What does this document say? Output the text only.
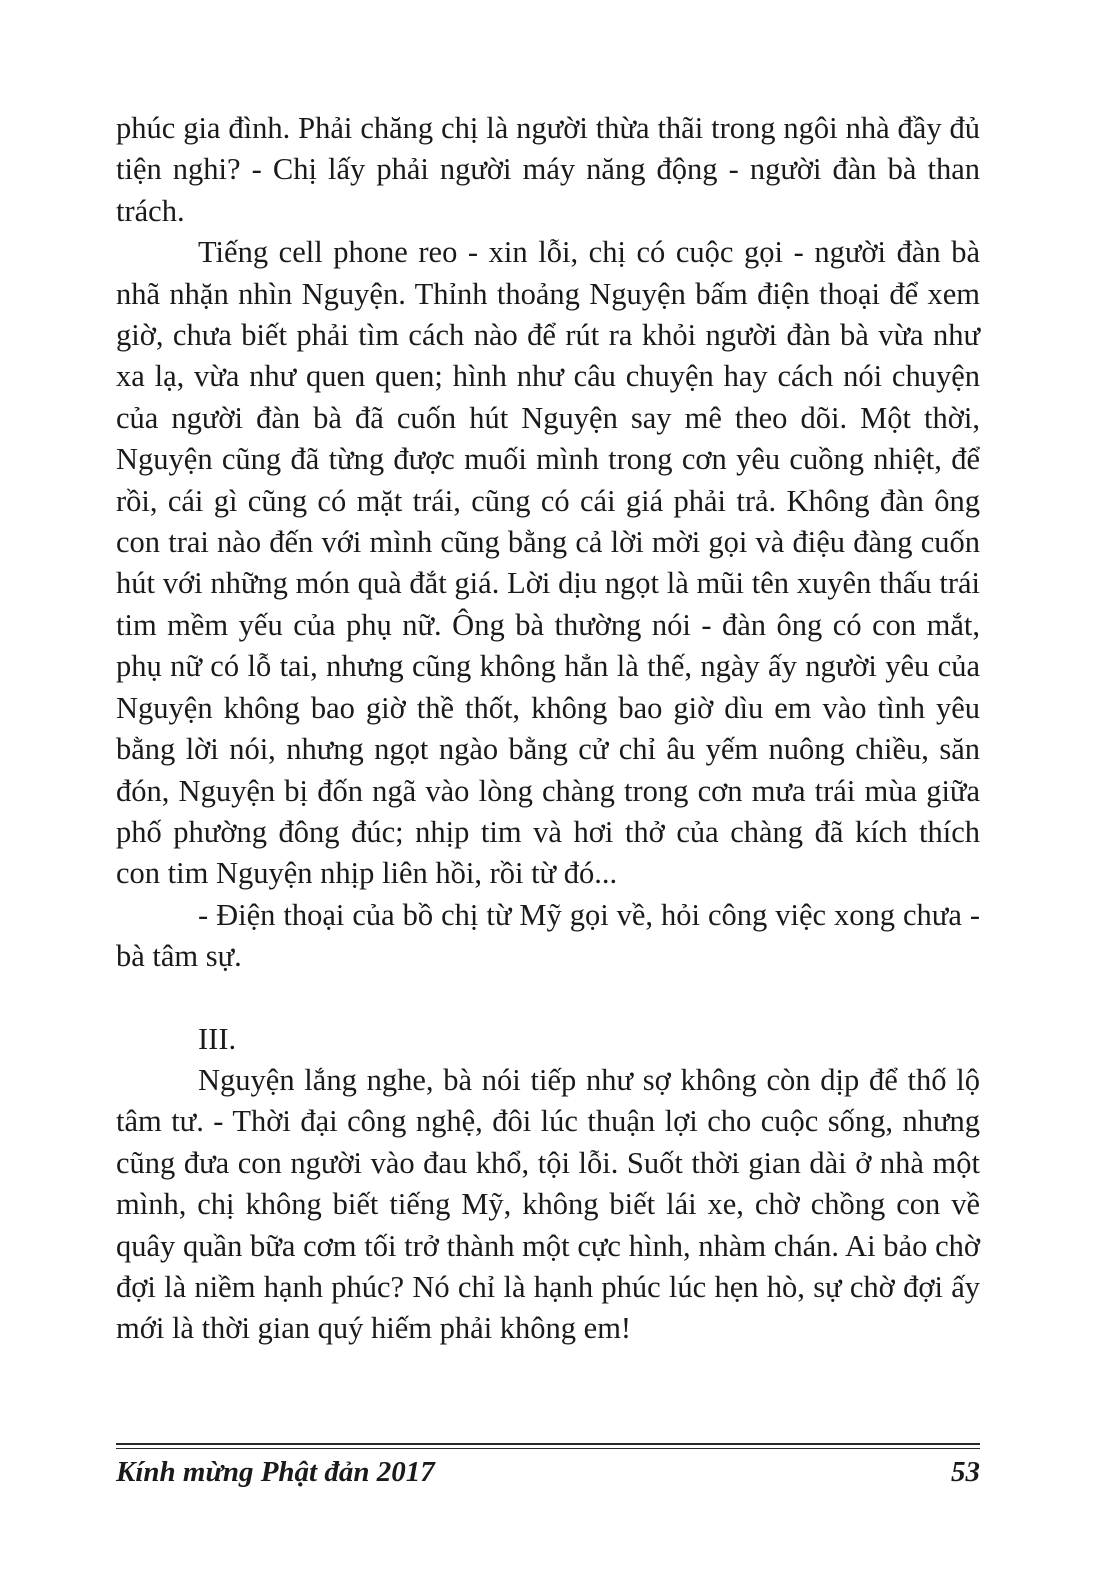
phúc gia đình. Phải chăng chị là người thừa thãi trong ngôi nhà đầy đủ tiện nghi? - Chị lấy phải người máy năng động - người đàn bà than trách.

Tiếng cell phone reo - xin lỗi, chị có cuộc gọi - người đàn bà nhã nhặn nhìn Nguyện. Thỉnh thoảng Nguyện bấm điện thoại để xem giờ, chưa biết phải tìm cách nào để rút ra khỏi người đàn bà vừa như xa lạ, vừa như quen quen; hình như câu chuyện hay cách nói chuyện của người đàn bà đã cuốn hút Nguyện say mê theo dõi. Một thời, Nguyện cũng đã từng được muối mình trong cơn yêu cuồng nhiệt, để rồi, cái gì cũng có mặt trái, cũng có cái giá phải trả. Không đàn ông con trai nào đến với mình cũng bằng cả lời mời gọi và điệu đàng cuốn hút với những món quà đắt giá. Lời dịu ngọt là mũi tên xuyên thấu trái tim mềm yếu của phụ nữ. Ông bà thường nói - đàn ông có con mắt, phụ nữ có lỗ tai, nhưng cũng không hẳn là thế, ngày ấy người yêu của Nguyện không bao giờ thề thốt, không bao giờ dìu em vào tình yêu bằng lời nói, nhưng ngọt ngào bằng cử chỉ âu yếm nuông chiều, săn đón, Nguyện bị đốn ngã vào lòng chàng trong cơn mưa trái mùa giữa phố phường đông đúc; nhịp tim và hơi thở của chàng đã kích thích con tim Nguyện nhịp liên hồi, rồi từ đó...

- Điện thoại của bồ chị từ Mỹ gọi về, hỏi công việc xong chưa - bà tâm sự.

III.

Nguyện lắng nghe, bà nói tiếp như sợ không còn dịp để thố lộ tâm tư. - Thời đại công nghệ, đôi lúc thuận lợi cho cuộc sống, nhưng cũng đưa con người vào đau khổ, tội lỗi. Suốt thời gian dài ở nhà một mình, chị không biết tiếng Mỹ, không biết lái xe, chờ chồng con về quây quần bữa cơm tối trở thành một cực hình, nhàm chán. Ai bảo chờ đợi là niềm hạnh phúc? Nó chỉ là hạnh phúc lúc hẹn hò, sự chờ đợi ấy mới là thời gian quý hiếm phải không em!

Kính mừng Phật đản 2017	53
